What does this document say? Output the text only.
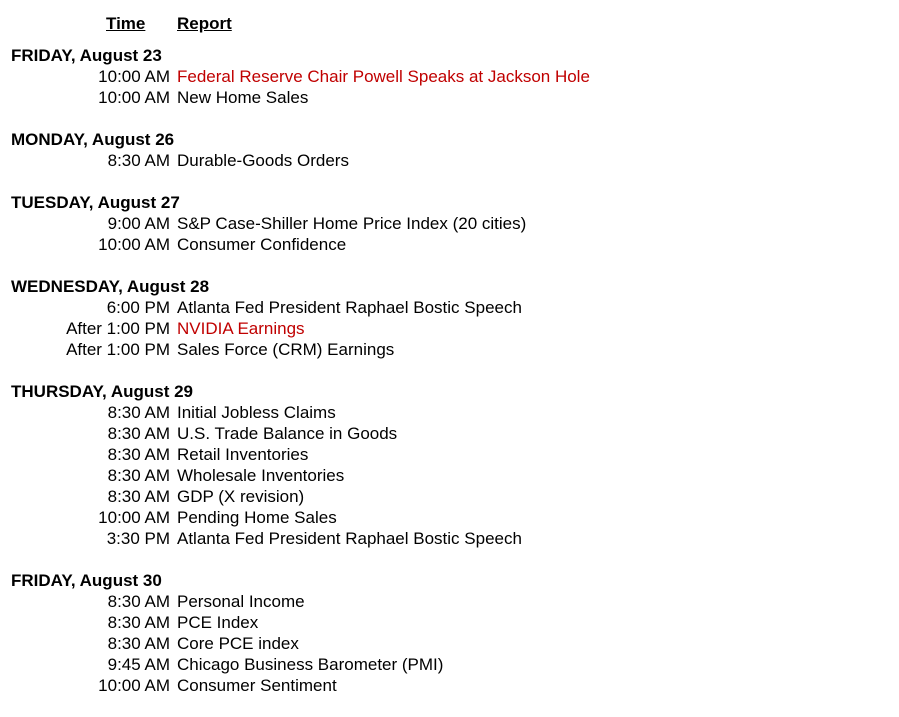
Time	Report
FRIDAY, August 23
10:00 AM Federal Reserve Chair Powell Speaks at Jackson Hole
10:00 AM New Home Sales
MONDAY, August 26
8:30 AM Durable-Goods Orders
TUESDAY, August 27
9:00 AM S&P Case-Shiller Home Price Index (20 cities)
10:00 AM Consumer Confidence
WEDNESDAY, August 28
6:00 PM Atlanta Fed President Raphael Bostic Speech
After 1:00 PM NVIDIA Earnings
After 1:00 PM Sales Force (CRM) Earnings
THURSDAY, August 29
8:30 AM Initial Jobless Claims
8:30 AM U.S. Trade Balance in Goods
8:30 AM Retail Inventories
8:30 AM Wholesale Inventories
8:30 AM GDP (X revision)
10:00 AM Pending Home Sales
3:30 PM Atlanta Fed President Raphael Bostic Speech
FRIDAY, August 30
8:30 AM Personal Income
8:30 AM PCE Index
8:30 AM Core PCE index
9:45 AM Chicago Business Barometer (PMI)
10:00 AM Consumer Sentiment
